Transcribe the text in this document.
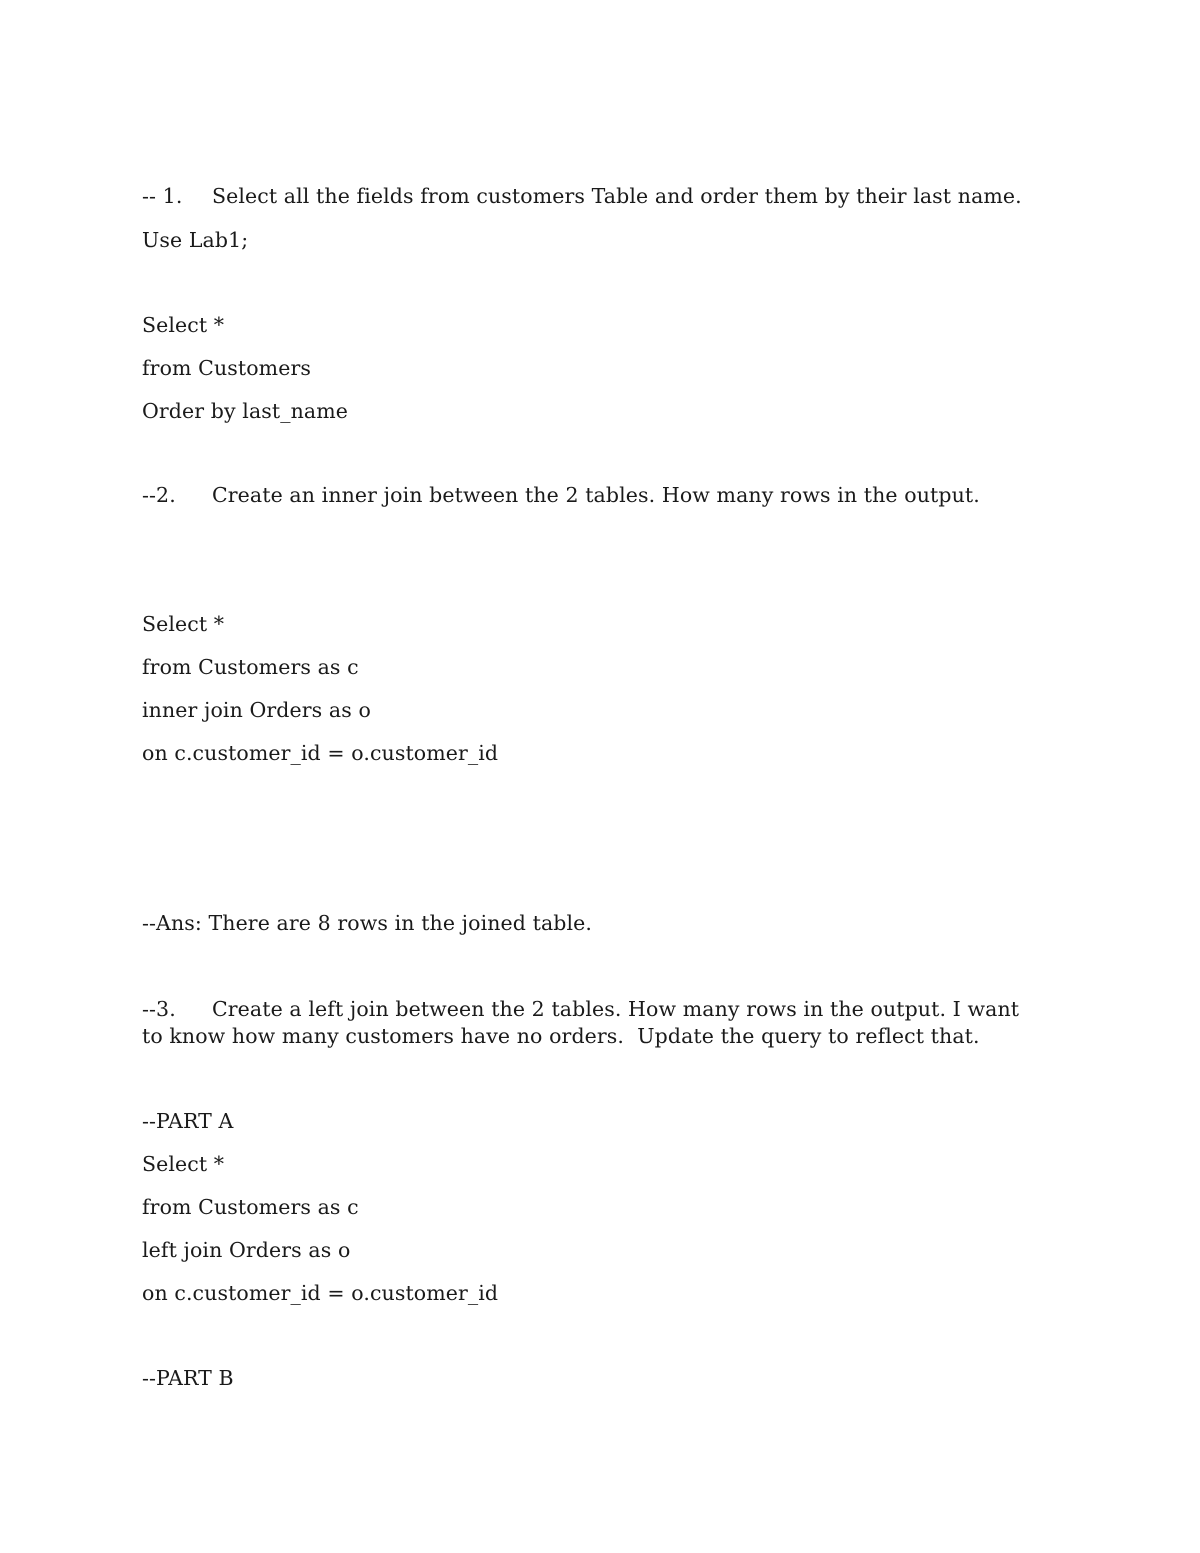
-- 1. Select all the fields from customers Table and order them by their last name.
Use Lab1;
Select *
from Customers
Order by last_name
--2. Create an inner join between the 2 tables. How many rows in the output.
Select *
from Customers as c
inner join Orders as o
on c.customer_id = o.customer_id
--Ans: There are 8 rows in the joined table.
--3. Create a left join between the 2 tables. How many rows in the output. I want
to know how many customers have no orders.  Update the query to reflect that.
--PART A
Select *
from Customers as c
left join Orders as o
on c.customer_id = o.customer_id
--PART B
